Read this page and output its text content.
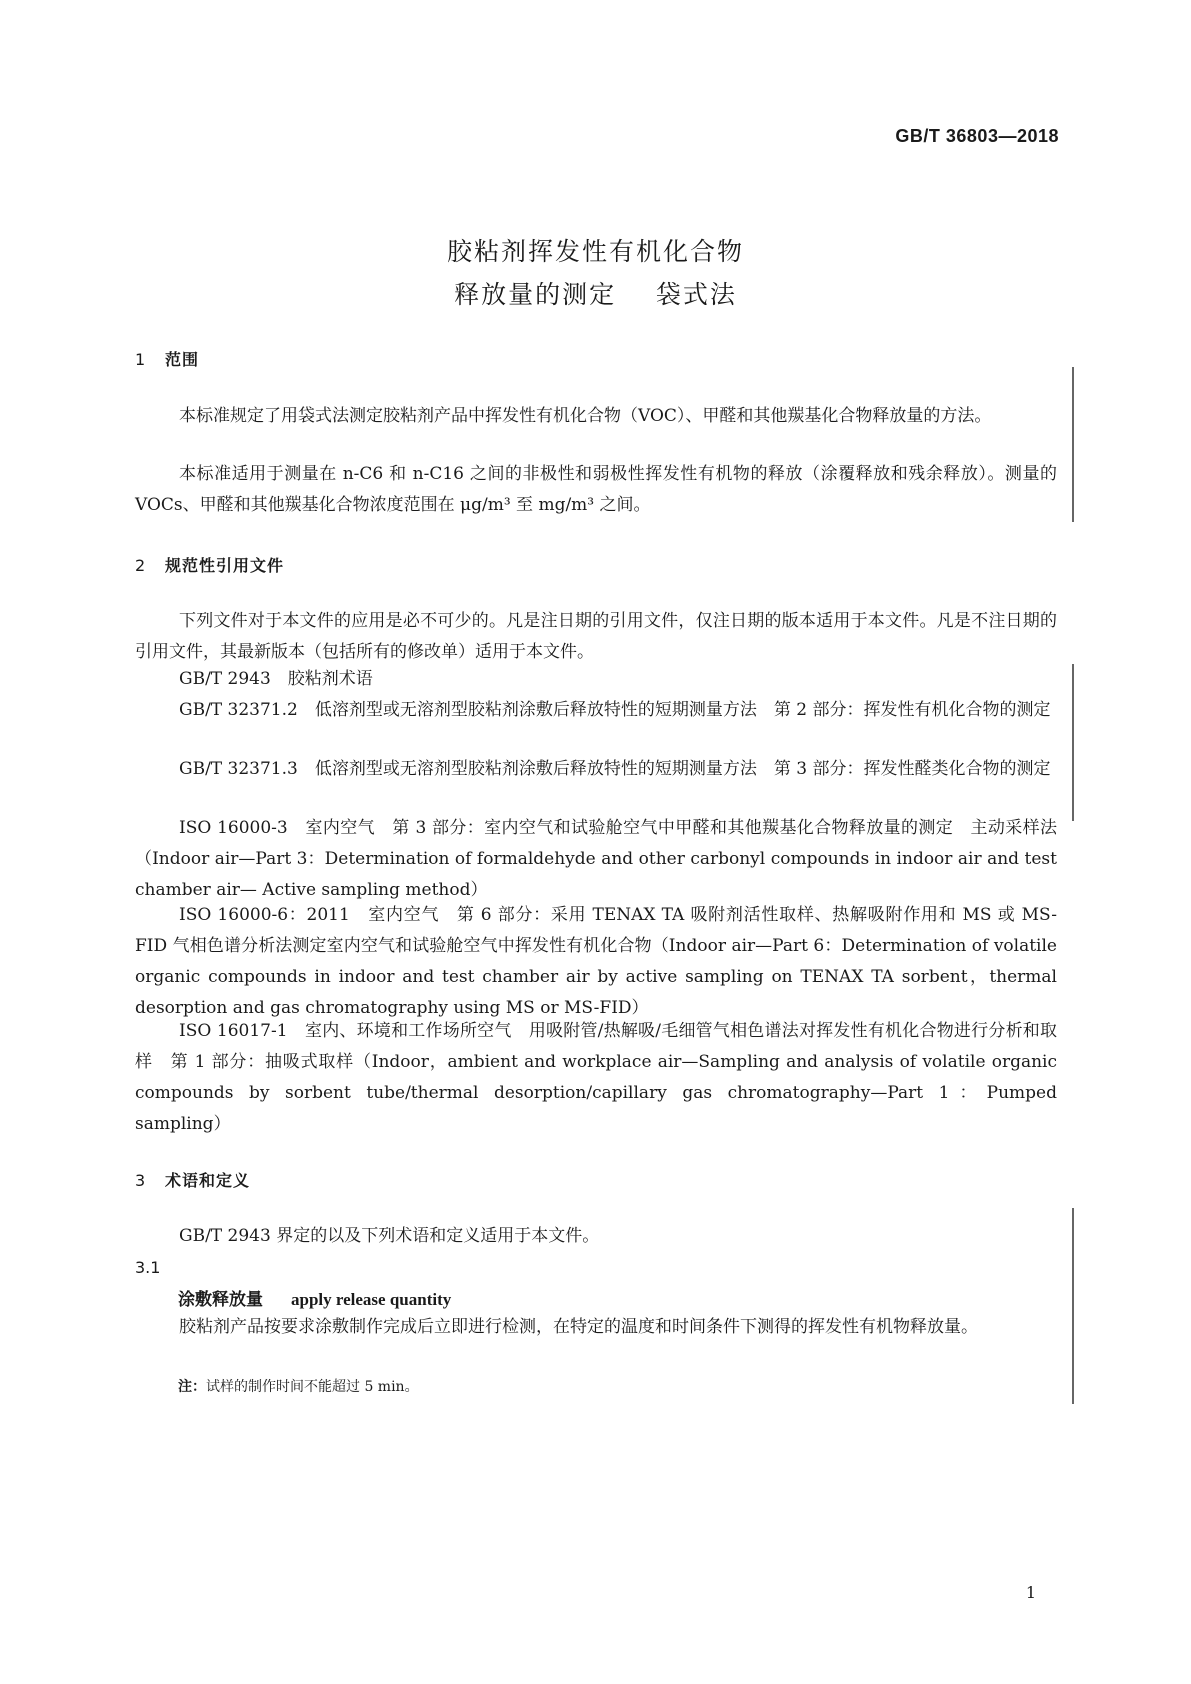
GB/T 36803—2018
胶粘剂挥发性有机化合物
释放量的测定    袋式法
1 范围
本标准规定了用袋式法测定胶粘剂产品中挥发性有机化合物（VOC）、甲醛和其他羰基化合物释放量的方法。
本标准适用于测量在 n-C6 和 n-C16 之间的非极性和弱极性挥发性有机物的释放（涂覆释放和残余释放）。测量的 VOCs、甲醛和其他羰基化合物浓度范围在 μg/m³ 至 mg/m³ 之间。
2 规范性引用文件
下列文件对于本文件的应用是必不可少的。凡是注日期的引用文件，仅注日期的版本适用于本文件。凡是不注日期的引用文件，其最新版本（包括所有的修改单）适用于本文件。
GB/T 2943　胶粘剂术语
GB/T 32371.2　低溶剂型或无溶剂型胶粘剂涂敷后释放特性的短期测量方法　第 2 部分：挥发性有机化合物的测定
GB/T 32371.3　低溶剂型或无溶剂型胶粘剂涂敷后释放特性的短期测量方法　第 3 部分：挥发性醛类化合物的测定
ISO 16000-3　室内空气　第 3 部分：室内空气和试验舱空气中甲醛和其他羰基化合物释放量的测定　主动采样法（Indoor air—Part 3：Determination of formaldehyde and other carbonyl compounds in indoor air and test chamber air— Active sampling method）
ISO 16000-6：2011　室内空气　第 6 部分：采用 TENAX TA 吸附剂活性取样、热解吸附作用和 MS 或 MS-FID 气相色谱分析法测定室内空气和试验舱空气中挥发性有机化合物（Indoor air—Part 6：Determination of volatile organic compounds in indoor and test chamber air by active sampling on TENAX TA sorbent，thermal desorption and gas chromatography using MS or MS-FID）
ISO 16017-1　室内、环境和工作场所空气　用吸附管/热解吸/毛细管气相色谱法对挥发性有机化合物进行分析和取样　第 1 部分：抽吸式取样（Indoor，ambient and workplace air—Sampling and analysis of volatile organic compounds by sorbent tube/thermal desorption/capillary gas chromatography—Part 1：Pumped sampling）
3 术语和定义
GB/T 2943 界定的以及下列术语和定义适用于本文件。
3.1
涂敷释放量 apply release quantity
胶粘剂产品按要求涂敷制作完成后立即进行检测，在特定的温度和时间条件下测得的挥发性有机物释放量。
注：试样的制作时间不能超过 5 min。
1
